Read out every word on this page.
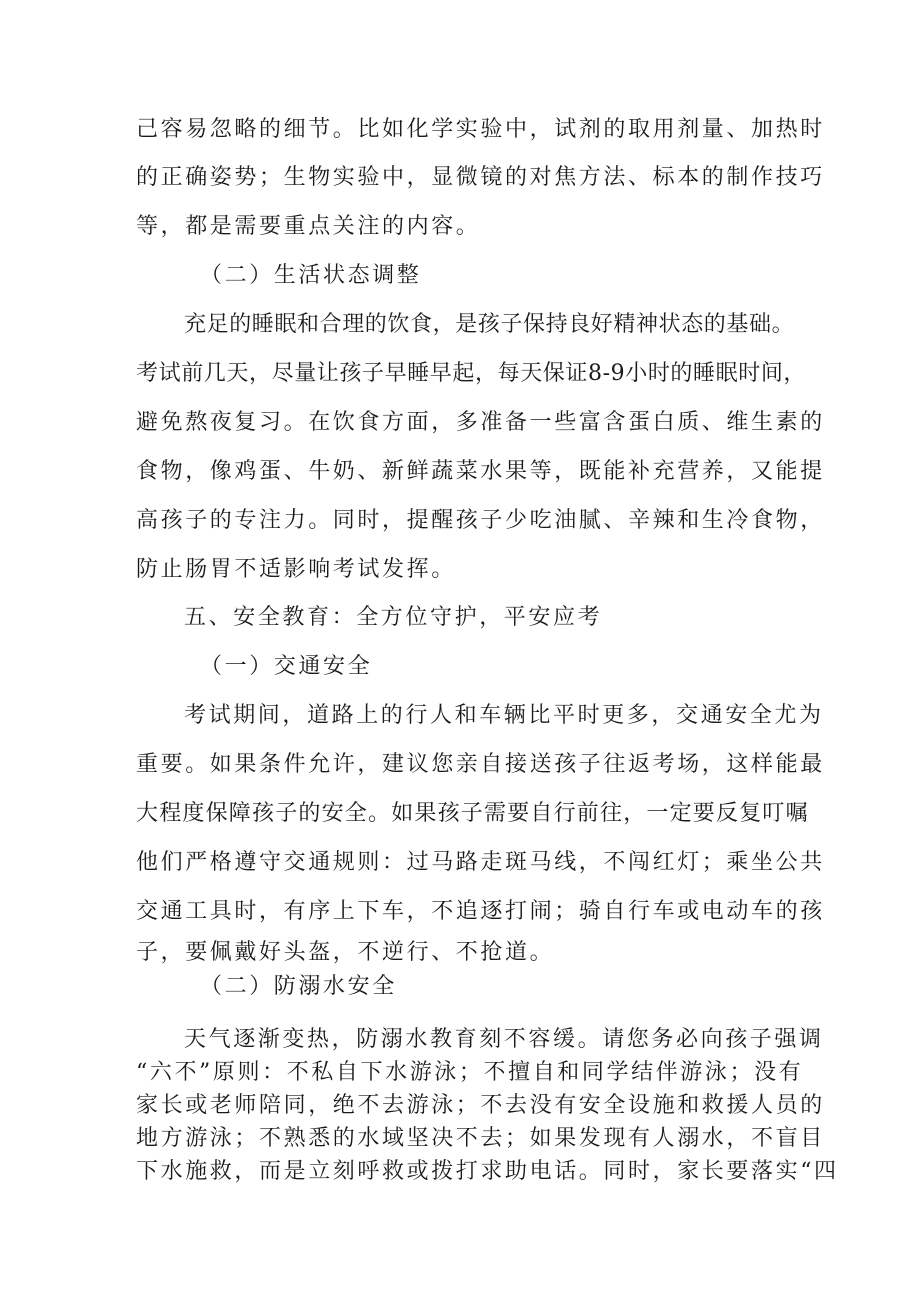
己容易忽略的细节。比如化学实验中，试剂的取用剂量、加热时

的正确姿势；生物实验中，显微镜的对焦方法、标本的制作技巧

等，都是需要重点关注的内容。

（二）生活状态调整

充足的睡眠和合理的饮食，是孩子保持良好精神状态的基础。

考试前几天，尽量让孩子早睡早起，每天保证8-9小时的睡眠时间，

避免熬夜复习。在饮食方面，多准备一些富含蛋白质、维生素的

食物，像鸡蛋、牛奶、新鲜蔬菜水果等，既能补充营养，又能提

高孩子的专注力。同时，提醒孩子少吃油腻、辛辣和生冷食物，

防止肠胃不适影响考试发挥。

五、安全教育：全方位守护，平安应考

（一）交通安全

考试期间，道路上的行人和车辆比平时更多，交通安全尤为

重要。如果条件允许，建议您亲自接送孩子往返考场，这样能最

大程度保障孩子的安全。如果孩子需要自行前往，一定要反复叮嘱

他们严格遵守交通规则：过马路走斑马线，不闯红灯；乘坐公共

交通工具时，有序上下车，不追逐打闹；骑自行车或电动车的孩

子，要佩戴好头盔，不逆行、不抢道。

（二）防溺水安全

天气逐渐变热，防溺水教育刻不容缓。请您务必向孩子强调

“六不”原则：不私自下水游泳；不擅自和同学结伴游泳；没有

家长或老师陪同，绝不去游泳；不去没有安全设施和救援人员的

地方游泳；不熟悉的水域坚决不去；如果发现有人溺水，不盲目

下水施救，而是立刻呼救或拨打求助电话。同时，家长要落实“四
